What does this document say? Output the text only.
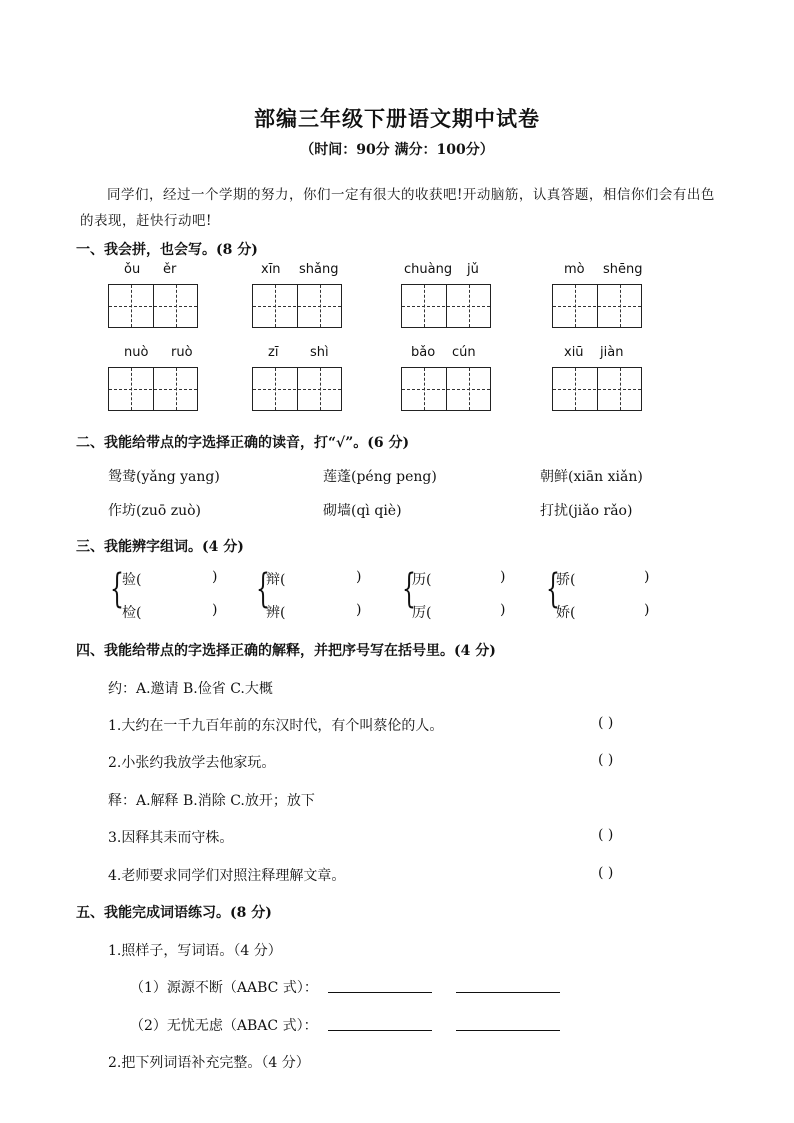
部编三年级下册语文期中试卷
（时间：90分 满分：100分）
同学们，经过一个学期的努力，你们一定有很大的收获吧!开动脑筋，认真答题，相信你们会有出色的表现，赶快行动吧!
一、我会拼，也会写。(8 分)
ǒu ěr	xīn shǎng	chuàng jǔ	mò shēng
nuò ruò	zī shì	bǎo cún	xiū jiàn
二、我能给带点的字选择正确的读音，打“√”。(6 分)
鸳鸯(yǎng yang)	莲蓬(péng peng)	朝鲜(xiān xiǎn)
作坊(zuō zuò)	砌墙(qì qiè)	打扰(jiǎo rǎo)
三、我能辨字组词。(4 分)
{
验(	)
检(	) {
辩(	)
辨(	) {
历(	)
厉(	) {
骄(	)
娇(	)
四、我能给带点的字选择正确的解释，并把序号写在括号里。(4 分)
约：A.邀请 B.俭省 C.大概
1.大约在一千九百年前的东汉时代，有个叫蔡伦的人。	( )
2.小张约我放学去他家玩。	( )
释：A.解释 B.消除 C.放开；放下
3.因释其耒而守株。	( )
4.老师要求同学们对照注释理解文章。	( )
五、我能完成词语练习。(8 分)
1.照样子，写词语。（4 分）
（1）源源不断（AABC 式）：
（2）无忧无虑（ABAC 式）：
2.把下列词语补充完整。（4 分）
